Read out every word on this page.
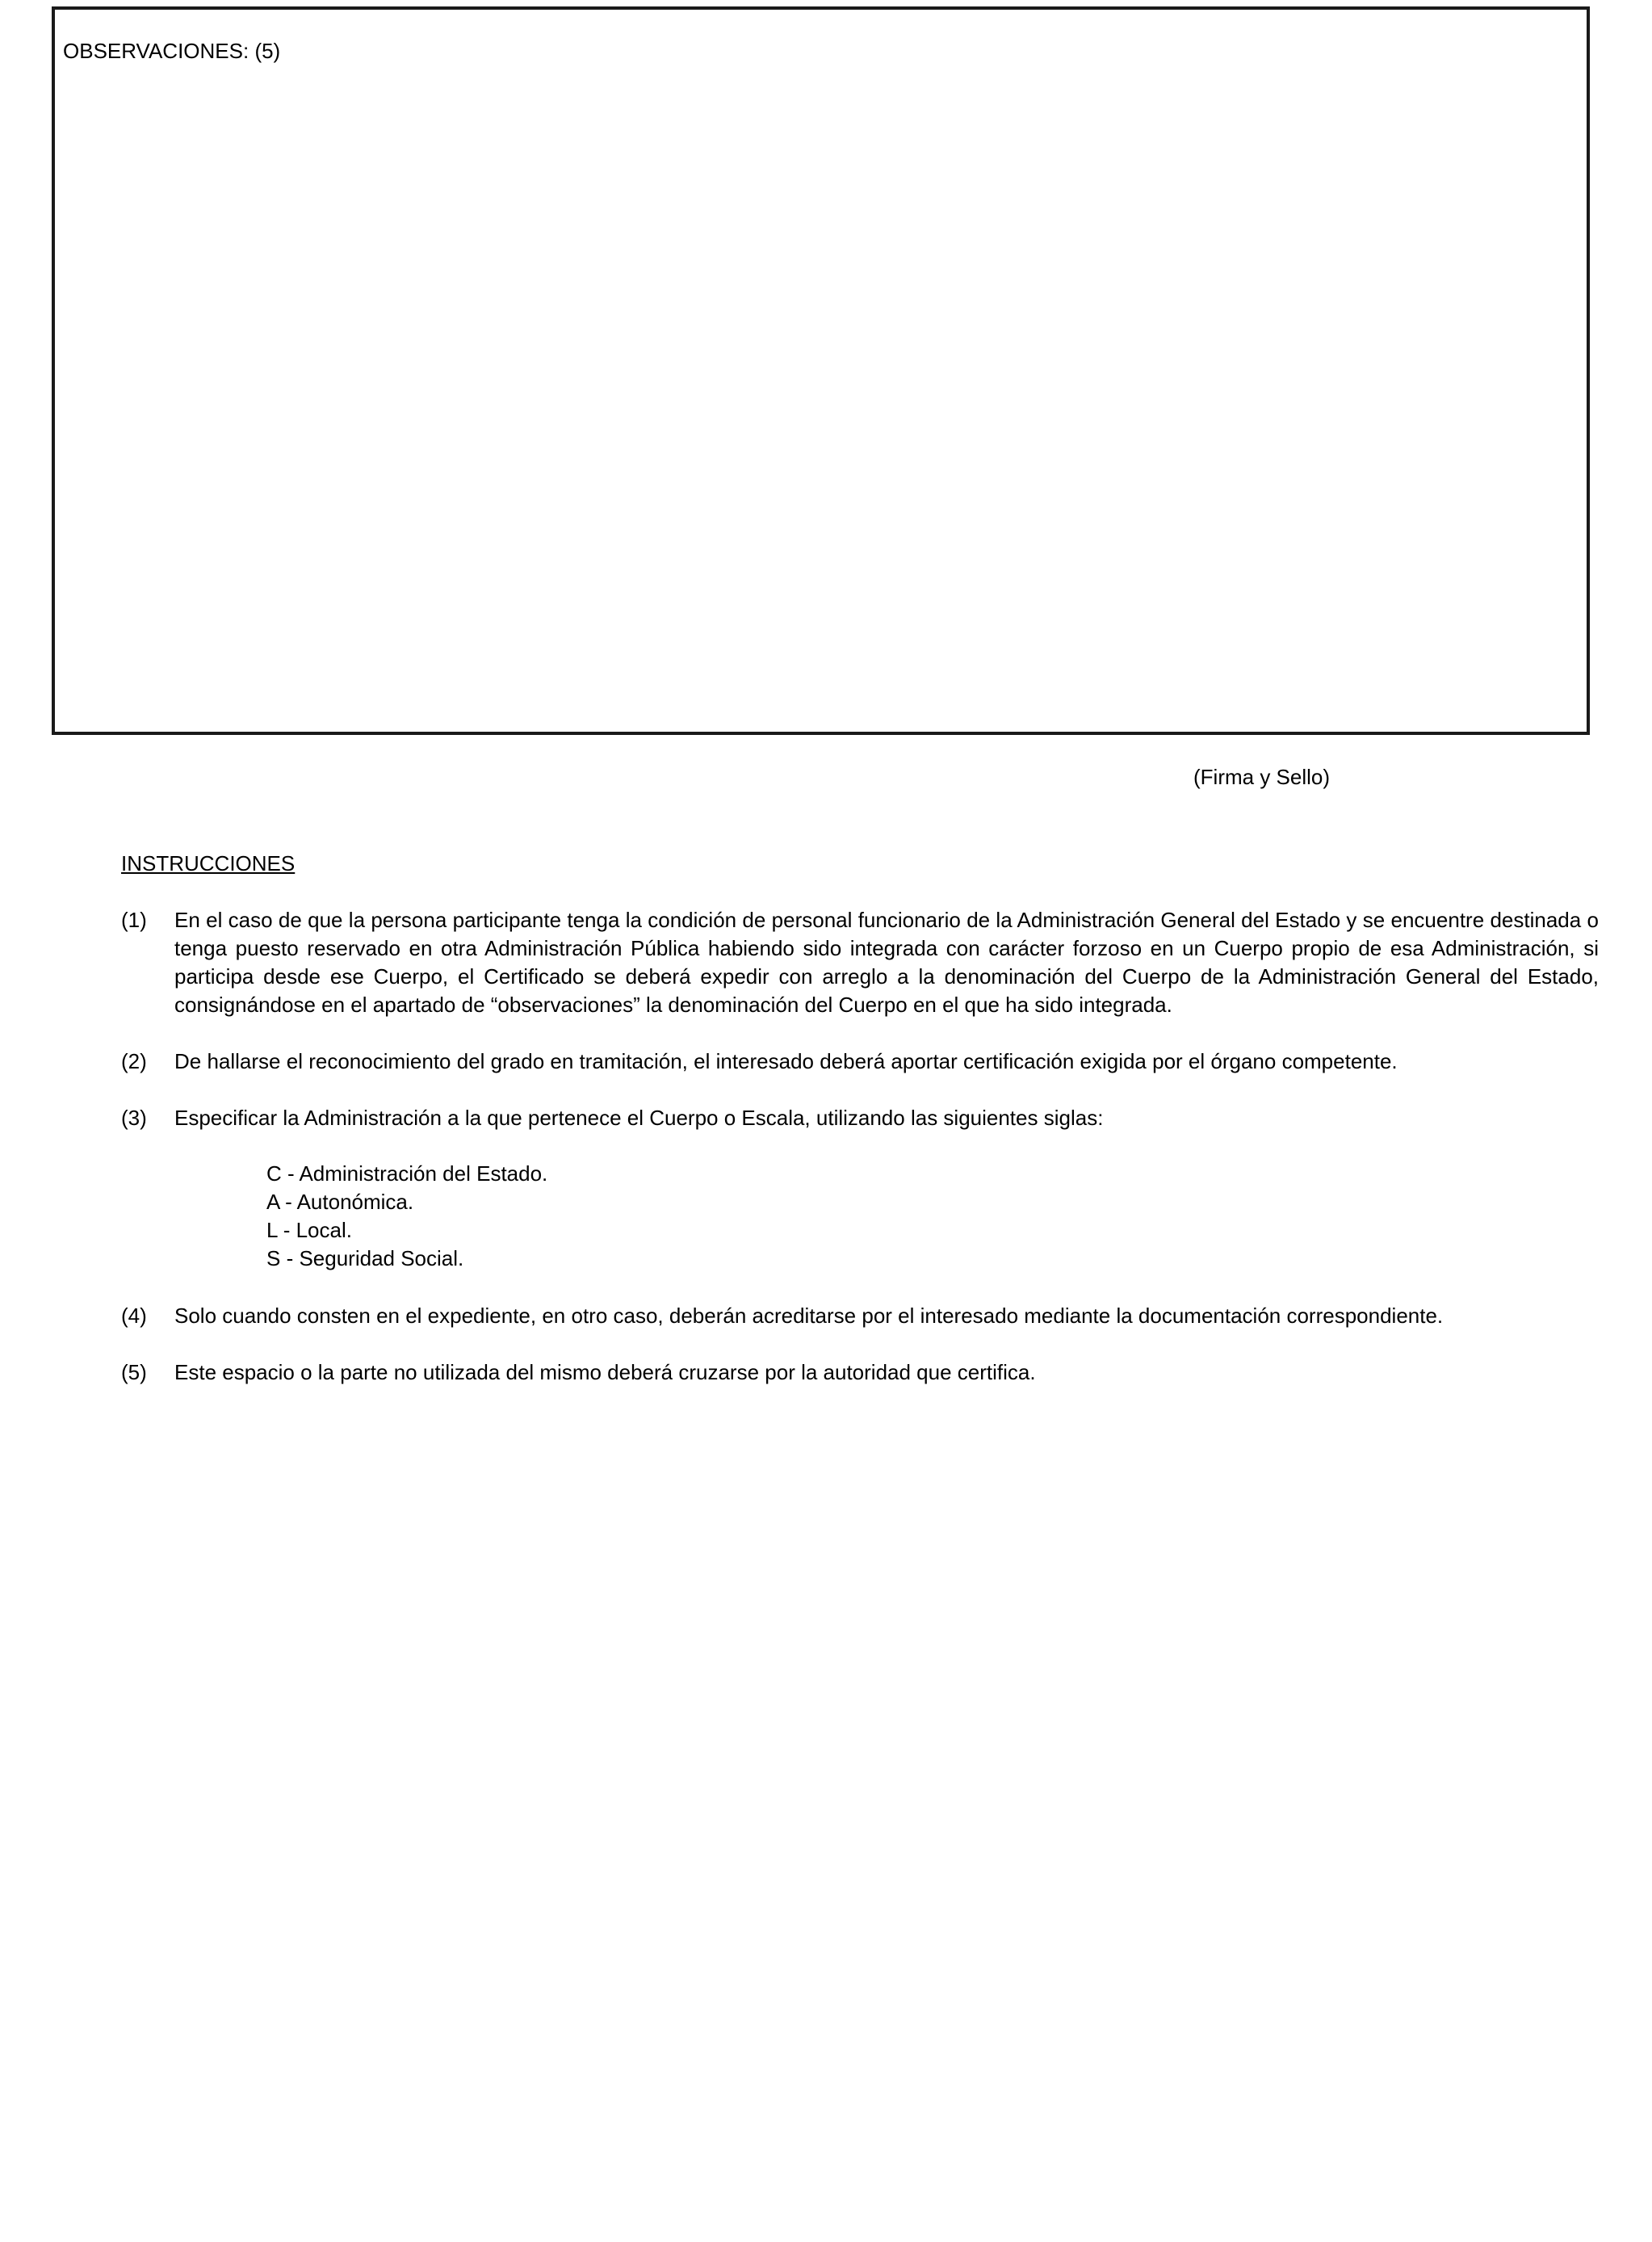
OBSERVACIONES: (5)
(Firma y Sello)
INSTRUCCIONES
(1) En el caso de que la persona participante tenga la condición de personal funcionario de la Administración General del Estado y se encuentre destinada o tenga puesto reservado en otra Administración Pública habiendo sido integrada con carácter forzoso en un Cuerpo propio de esa Administración, si participa desde ese Cuerpo, el Certificado se deberá expedir con arreglo a la denominación del Cuerpo de la Administración General del Estado, consignándose en el apartado de “observaciones” la denominación del Cuerpo en el que ha sido integrada.
(2) De hallarse el reconocimiento del grado en tramitación, el interesado deberá aportar certificación exigida por el órgano competente.
(3) Especificar la Administración a la que pertenece el Cuerpo o Escala, utilizando las siguientes siglas:
C - Administración del Estado.
A - Autonómica.
L - Local.
S - Seguridad Social.
(4) Solo cuando consten en el expediente, en otro caso, deberán acreditarse por el interesado mediante la documentación correspondiente.
(5) Este espacio o la parte no utilizada del mismo deberá cruzarse por la autoridad que certifica.
